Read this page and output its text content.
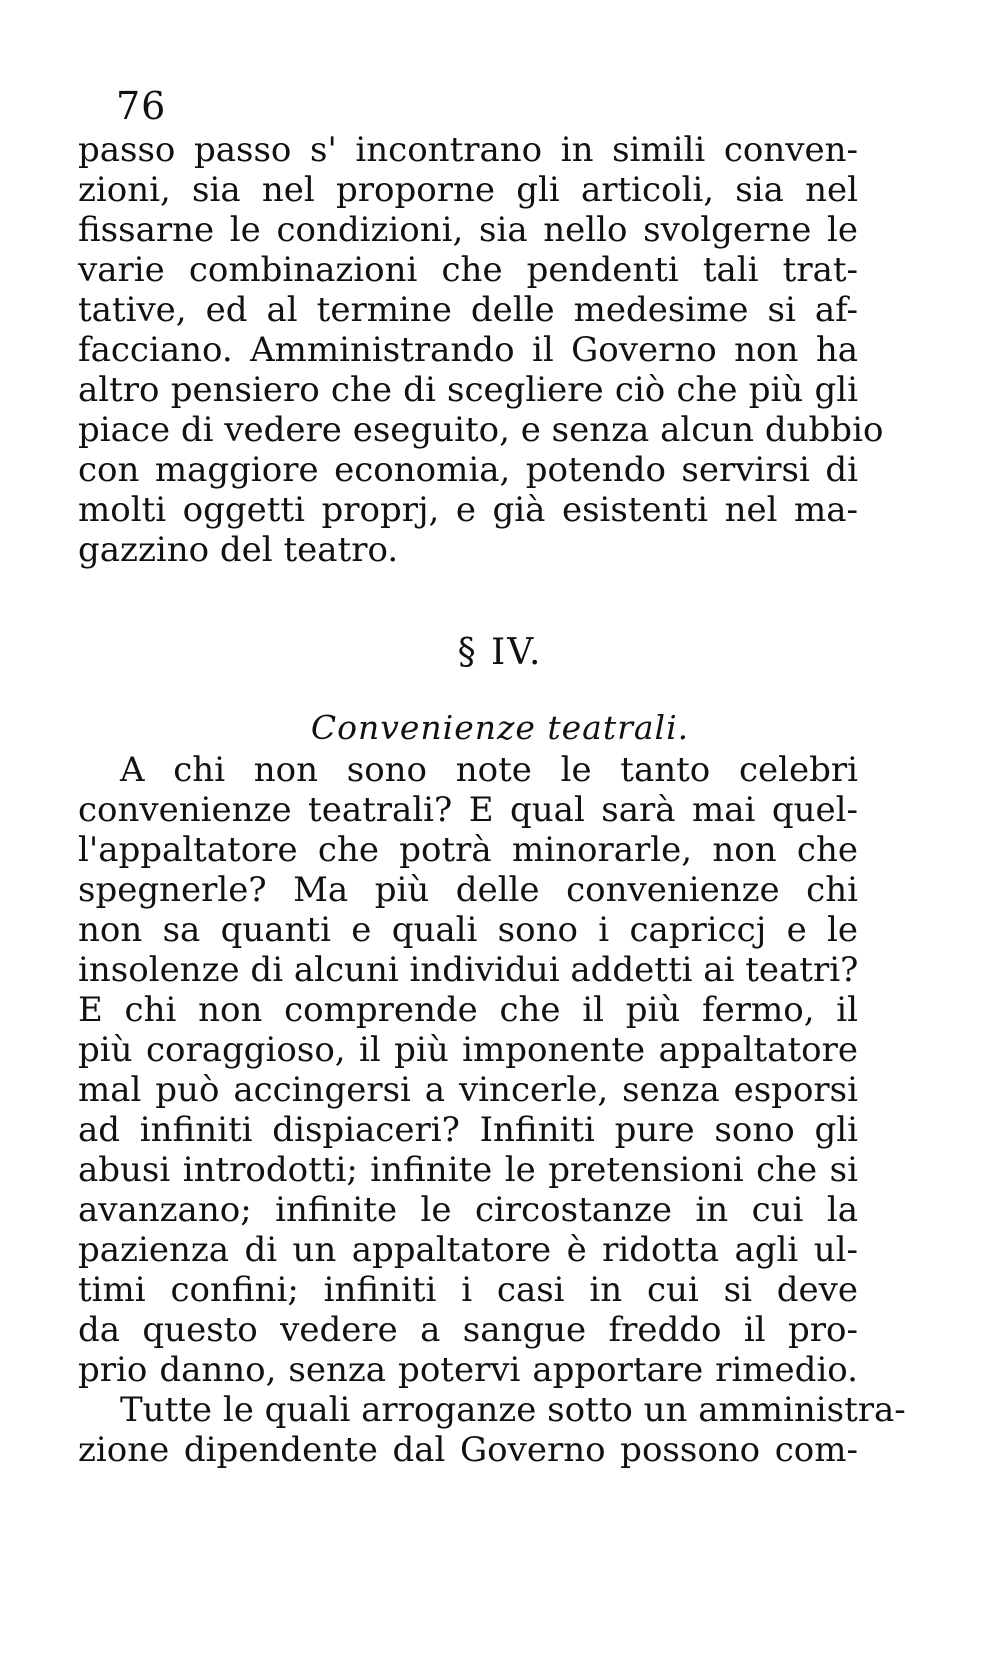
76
passo passo s' incontrano in simili conven-
zioni, sia nel proporne gli articoli, sia nel
fissarne le condizioni, sia nello svolgerne le
varie combinazioni che pendenti tali trat-
tative, ed al termine delle medesime si af-
facciano. Amministrando il Governo non ha
altro pensiero che di scegliere ciò che più gli
piace di vedere eseguito, e senza alcun dubbio
con maggiore economia, potendo servirsi di
molti oggetti proprj, e già esistenti nel ma-
gazzino del teatro.
§ IV.
Convenienze teatrali.
A chi non sono note le tanto celebri
convenienze teatrali? E qual sarà mai quel-
l'appaltatore che potrà minorarle, non che
spegnerle? Ma più delle convenienze chi
non sa quanti e quali sono i capriccj e le
insolenze di alcuni individui addetti ai teatri?
E chi non comprende che il più fermo, il
più coraggioso, il più imponente appaltatore
mal può accingersi a vincerle, senza esporsi
ad infiniti dispiaceri? Infiniti pure sono gli
abusi introdotti; infinite le pretensioni che si
avanzano; infinite le circostanze in cui la
pazienza di un appaltatore è ridotta agli ul-
timi confini; infiniti i casi in cui si deve
da questo vedere a sangue freddo il pro-
prio danno, senza potervi apportare rimedio.
Tutte le quali arroganze sotto un amministra-
zione dipendente dal Governo possono com-
